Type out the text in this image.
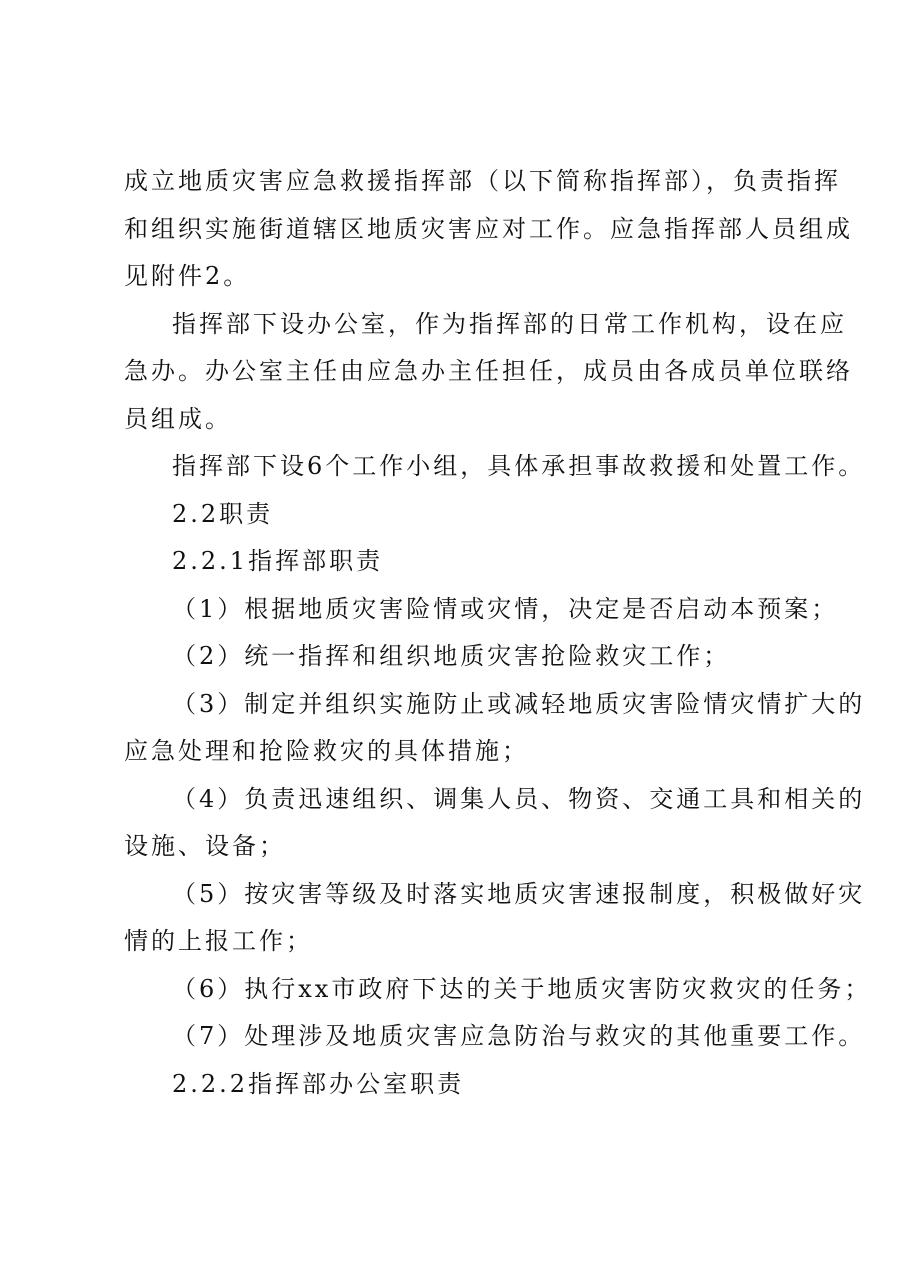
成立地质灾害应急救援指挥部（以下简称指挥部），负责指挥
和组织实施街道辖区地质灾害应对工作。应急指挥部人员组成
见附件2。
指挥部下设办公室，作为指挥部的日常工作机构，设在应
急办。办公室主任由应急办主任担任，成员由各成员单位联络
员组成。
指挥部下设6个工作小组，具体承担事故救援和处置工作。
2.2职责
2.2.1指挥部职责
（1）根据地质灾害险情或灾情，决定是否启动本预案；
（2）统一指挥和组织地质灾害抢险救灾工作；
（3）制定并组织实施防止或减轻地质灾害险情灾情扩大的
应急处理和抢险救灾的具体措施；
（4）负责迅速组织、调集人员、物资、交通工具和相关的
设施、设备；
（5）按灾害等级及时落实地质灾害速报制度，积极做好灾
情的上报工作；
（6）执行xx市政府下达的关于地质灾害防灾救灾的任务；
（7）处理涉及地质灾害应急防治与救灾的其他重要工作。
2.2.2指挥部办公室职责
